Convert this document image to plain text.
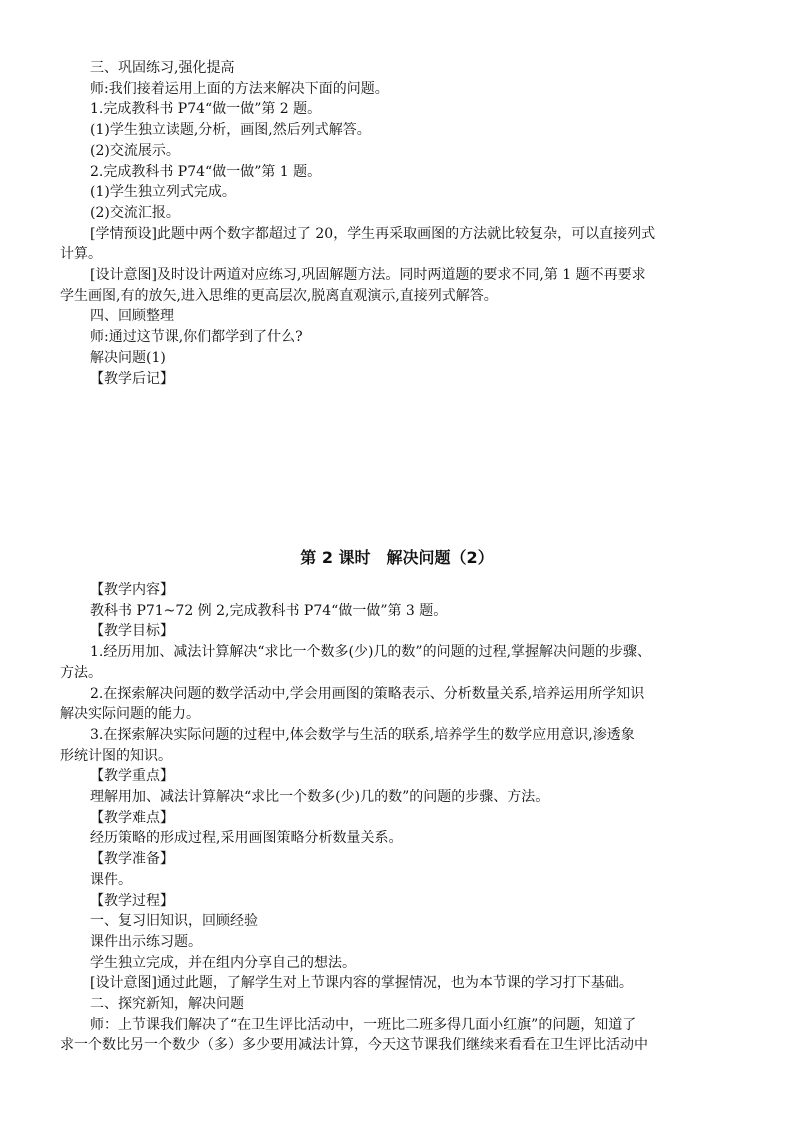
三、巩固练习,强化提高
师:我们接着运用上面的方法来解决下面的问题。
1.完成教科书 P74“做一做”第 2 题。
(1)学生独立读题,分析，画图,然后列式解答。
(2)交流展示。
2.完成教科书 P74“做一做”第 1 题。
(1)学生独立列式完成。
(2)交流汇报。
[学情预设]此题中两个数字都超过了 20，学生再采取画图的方法就比较复杂，可以直接列式
计算。
[设计意图]及时设计两道对应练习,巩固解题方法。同时两道题的要求不同,第 1 题不再要求
学生画图,有的放矢,进入思维的更高层次,脱离直观演示,直接列式解答。
四、回顾整理
师:通过这节课,你们都学到了什么?
解决问题(1)
【教学后记】
第 2 课时　解决问题（2）
【教学内容】
教科书 P71~72 例 2,完成教科书 P74“做一做”第 3 题。
【教学目标】
1.经历用加、减法计算解决“求比一个数多(少)几的数”的问题的过程,掌握解决问题的步骤、
方法。
2.在探索解决问题的数学活动中,学会用画图的策略表示、分析数量关系,培养运用所学知识
解决实际问题的能力。
3.在探索解决实际问题的过程中,体会数学与生活的联系,培养学生的数学应用意识,渗透象
形统计图的知识。
【教学重点】
理解用加、减法计算解决“求比一个数多(少)几的数”的问题的步骤、方法。
【教学难点】
经历策略的形成过程,采用画图策略分析数量关系。
【教学准备】
课件。
【教学过程】
一、复习旧知识，回顾经验
课件出示练习题。
学生独立完成，并在组内分享自己的想法。
[设计意图]通过此题，了解学生对上节课内容的掌握情况，也为本节课的学习打下基础。
二、探究新知，解决问题
师：上节课我们解决了“在卫生评比活动中，一班比二班多得几面小红旗”的问题，知道了
求一个数比另一个数少（多）多少要用减法计算，今天这节课我们继续来看看在卫生评比活动中
